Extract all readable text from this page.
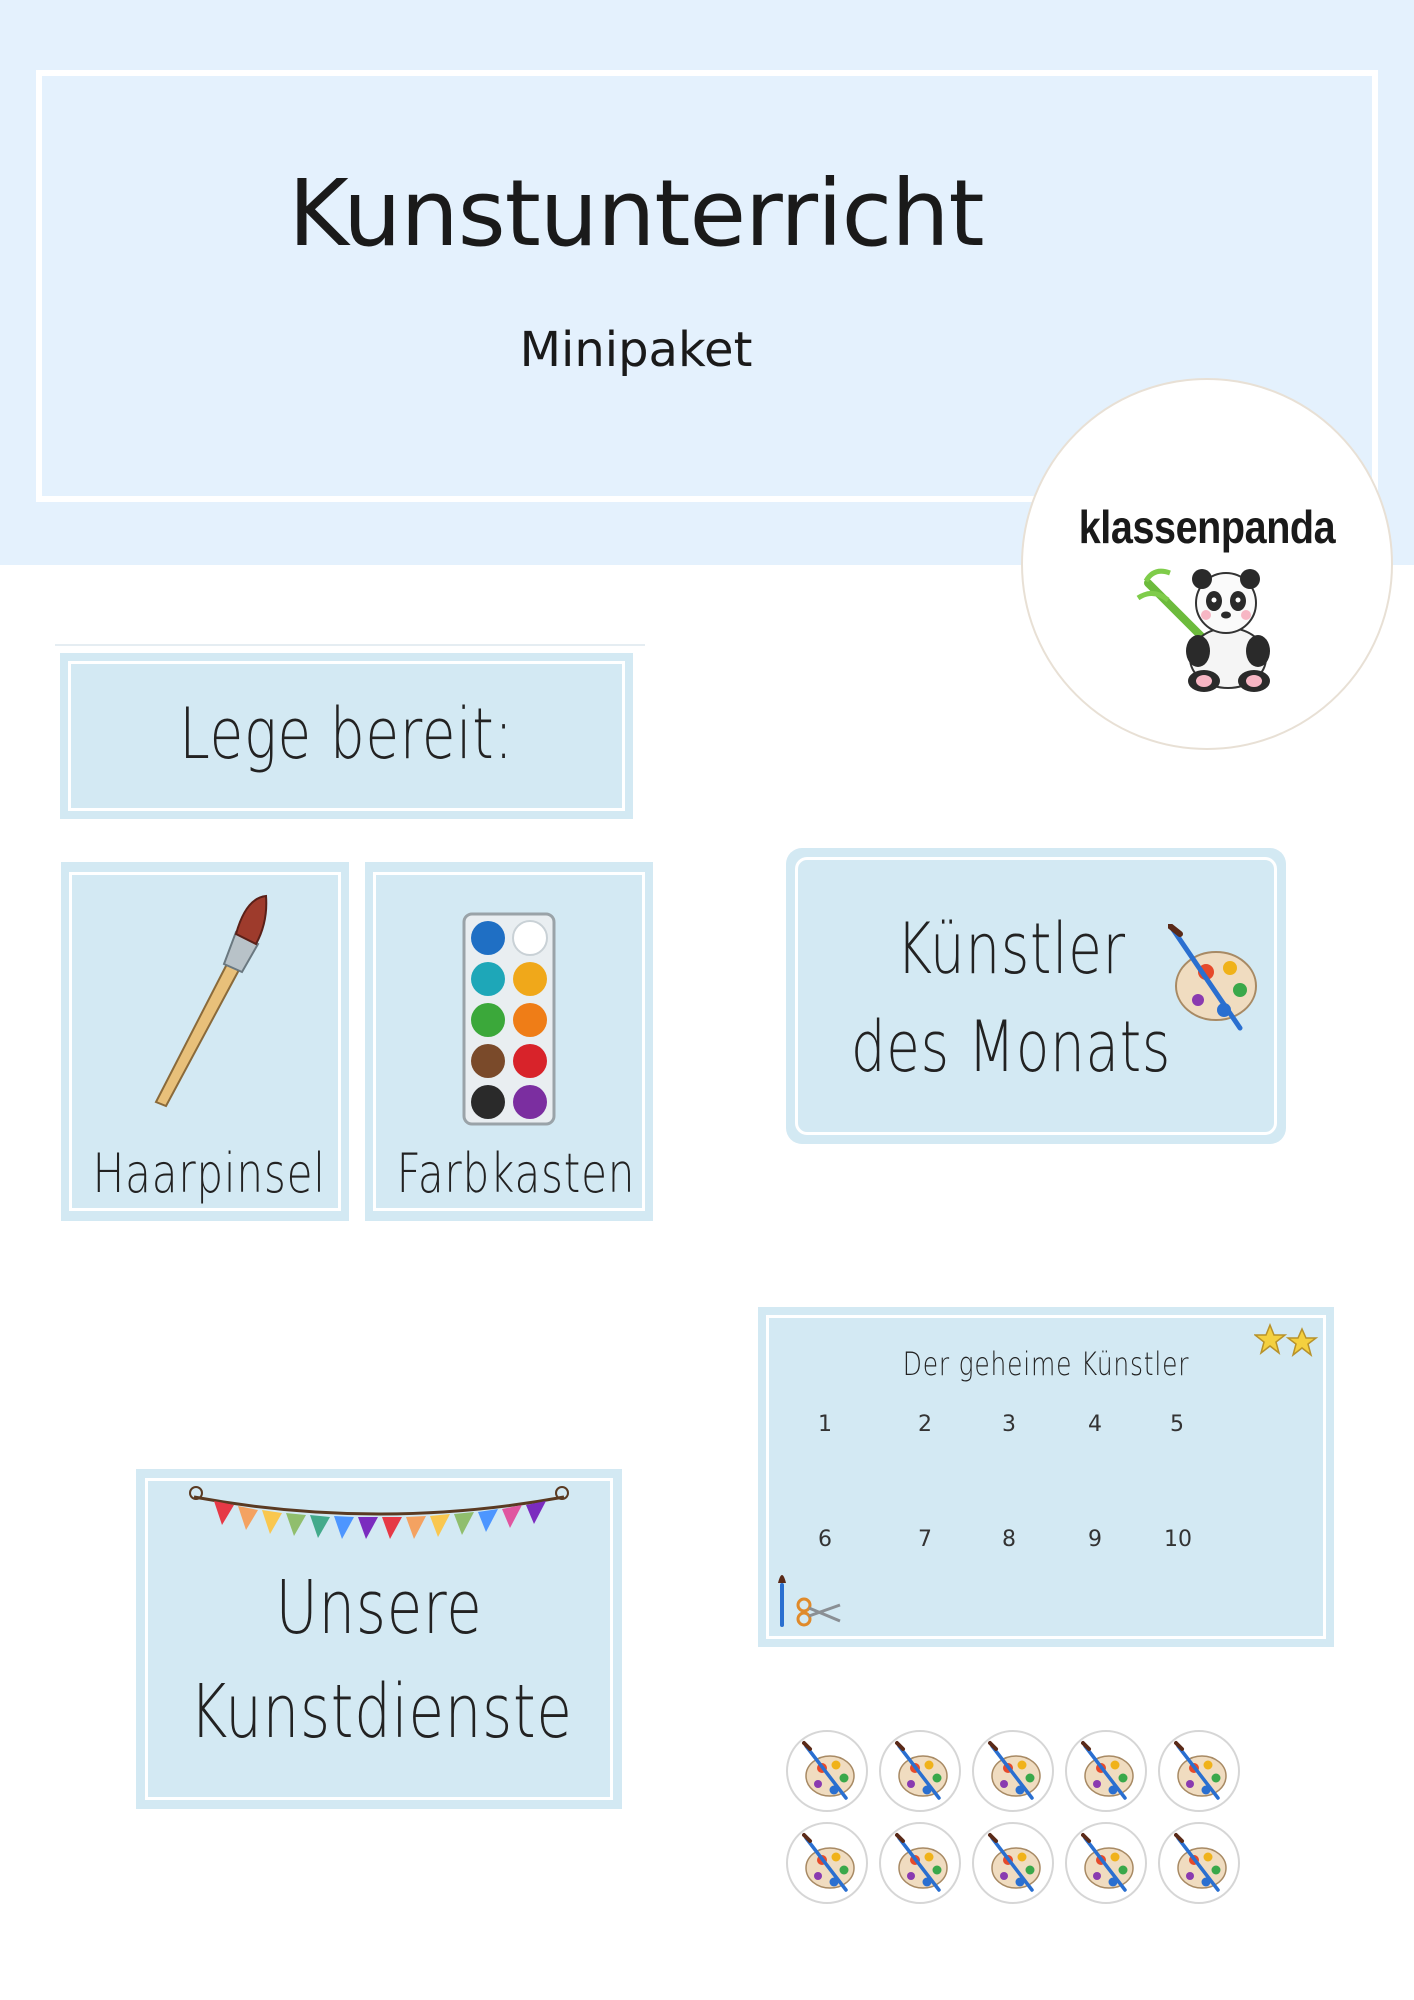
Kunstunterricht
Minipaket
klassenpanda
Lege bereit:
Haarpinsel Farbkasten
Künstler
des Monats
Der geheime Künstler
1	2	3	4	5
6	7	8	9	10
Unsere
Kunstdienste
